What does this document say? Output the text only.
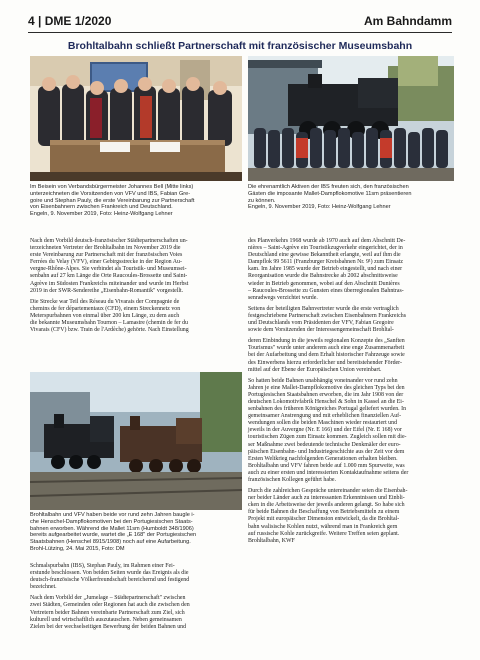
4 | DME 1/2020	Am Bahndamm
Brohltalbahn schließt Partnerschaft mit französischer Museumsbahn
Im Beisein von Verbandsbürgermeister Johannes Bell (Mitte links)
unterzeichneten die Vorsitzenden von VFV und IBS, Fabian Gre-
goire und Stephan Pauly, die erste Vereinbarung zur Partnerschaft
von Eisenbahnern zwischen Frankreich und Deutschland.
Engeln, 9. November 2019, Foto: Heinz-Wolfgang Lehner
Die ehrenamtlich Aktiven der IBS freuten sich, den französischen
Gästen die imposante Mallet-Dampflokomotive 11sm präsentieren
zu können.
Engeln, 9. November 2019, Foto: Heinz-Wolfgang Lehner

Nach dem Vorbild deutsch-französischer Städtepartnerschaften un-
terzeichneten Vertreter der Brohltalbahn im November 2019 die
erste Vereinbarung zur Partnerschaft mit der französischen Voies
Ferrées du Velay (VFV), einer Gebirgsstrecke in der Region Au-
vergne-Rhône-Alpes. Sie verbindet als Touristik- und Museumsei-
senbahn auf 27 km Länge die Orte Raucoules-Brossette und Saint-
Agrève im Südosten Frankreichs miteinander und wurde im Herbst
2019 in der SWR-Sendereihe „Eisenbahn-Romantik" vorgestellt.

Die Strecke war Teil des Réseau du Vivarais der Compagnie de
chemins de fer départementaux (CFD), einem Streckennetz von
Meterspurbahnen von einmal über 200 km Länge, zu dem auch
die bekannte Museumsbahn Tournon – Lamastre (chemin de fer du
Vivarais (CFV) bzw. Train de l'Ardèche) gehörte. Nach Einstellung

Brohltalbahn und VFV haben beide vor rund zehn Jahren baugle i-
che Henschel-Dampflokomotiven bei den Portugiesischen Staats-
bahnen erworben. Während die Mallet 11sm (Humboldt 348/1906)
bereits aufgearbeitet wurde, wartet die „E 168" der Portugiesischen
Staatsbahnen (Henschel 8915/1908) noch auf eine Aufarbeitung.
Brohl-Lützing, 24. Mai 2015, Foto: DM

Schmalspurbahn (IBS), Stephan Pauly, im Rahmen einer Fei-
erstunde beschlossen. Von beiden Seiten wurde das Ereignis als die
deutsch-französische Völkerfreundschaft bereichernd und festigend
bezeichnet.

Nach dem Vorbild der „Jumelage – Städtepartnerschaft" zwischen
zwei Städten, Gemeinden oder Regionen hat auch die zwischen den
Vertretern beider Bahnen vereinbarte Partnerschaft zum Ziel, sich
kulturell und wirtschaftlich auszutauschen. Neben gemeinsamen
Zielen bei der wechselseitigen Bewerbung der beiden Bahnen und

des Planverkehrs 1968 wurde ab 1970 auch auf dem Abschnitt De-
nières – Saint-Agrève ein Touristikzugverkehr eingerichtet, der in
Deutschland eine gewisse Bekanntheit erlangte, weil auf ihm die
Dampflok 99 5611 (Franzburger Kreisbahnen Nr. 9¹) zum Einsatz
kam. Im Jahre 1985 wurde der Betrieb eingestellt, und nach einer
Reorganisation wurde die Bahnstrecke ab 2002 abschnittsweise
wieder in Betrieb genommen, wobei auf den Abschnitt Dunières
– Raucoules-Brossette zu Gunsten eines überregionalen Bahntras-
senradwegs verzichtet wurde.

Seitens der beteiligten Bahnvertreter wurde die erste vertraglich
festgeschriebene Partnerschaft zwischen Eisenbahnern Frankreichs
und Deutschlands vom Präsidenten der VFV, Fabian Gregoire
sowie dem Vorsitzenden der Interessengemeinschaft Brohltal-

deren Einbindung in die jeweils regionalen Konzepte des „Sanften
Tourismus" wurde unter anderem auch eine enge Zusammenarbeit
bei der Aufarbeitung und dem Erhalt historischer Fahrzeuge sowie
des Einwerbens hierzu erforderlicher und bereitstehender Förder-
mittel auf der Ebene der Europäischen Union vereinbart.

So hatten beide Bahnen unabhängig voneinander vor rund zehn
Jahren je eine Mallet-Dampflokomotive des gleichen Typs bei den
Portugiesischen Staatsbahnen erworben, die im Jahr 1908 von der
deutschen Lokomotivfabrik Henschel & Sohn in Kassel an die Ei-
senbahnen des früheren Königreiches Portugal geliefert wurden. In
gemeinsamer Anstrengung und mit erheblichen finanziellen Auf-
wendungen sollen die beiden Maschinen wieder restauriert und
jeweils in der Auvergne (Nr. E 166) und der Eifel (Nr. E 168) vor
touristischen Zügen zum Einsatz kommen. Zugleich sollen mit die-
ser Maßnahme zwei bedeutende technische Denkmäler der euro-
päischen Eisenbahn- und Industriegeschichte aus der Zeit vor dem
Ersten Weltkrieg nachfolgenden Generationen erhalten bleiben.
Brohltalbahn und VFV fahren beide auf 1.000 mm Spurweite, was
auch zu einer ersten und interessierten Kontaktaufnahme seitens der
französischen Kollegen geführt habe.

Durch die zahlreichen Gespräche untereinander seien die Eisenbah-
ner beider Länder auch zu interessanten Erkenntnissen und Einbli-
cken in die Arbeitsweise der jeweils anderen gelangt. So habe sich
für beide Bahnen die Beschaffung von Betriebsmitteln zu einem
Projekt mit europäischer Dimension entwickelt, da die Brohltal-
bahn walisische Kohlen nutzt, während man in Frankreich gern
auf russische Kohle zurückgreife. Weitere Treffen seien geplant.
Brohltalbahn, KWF
